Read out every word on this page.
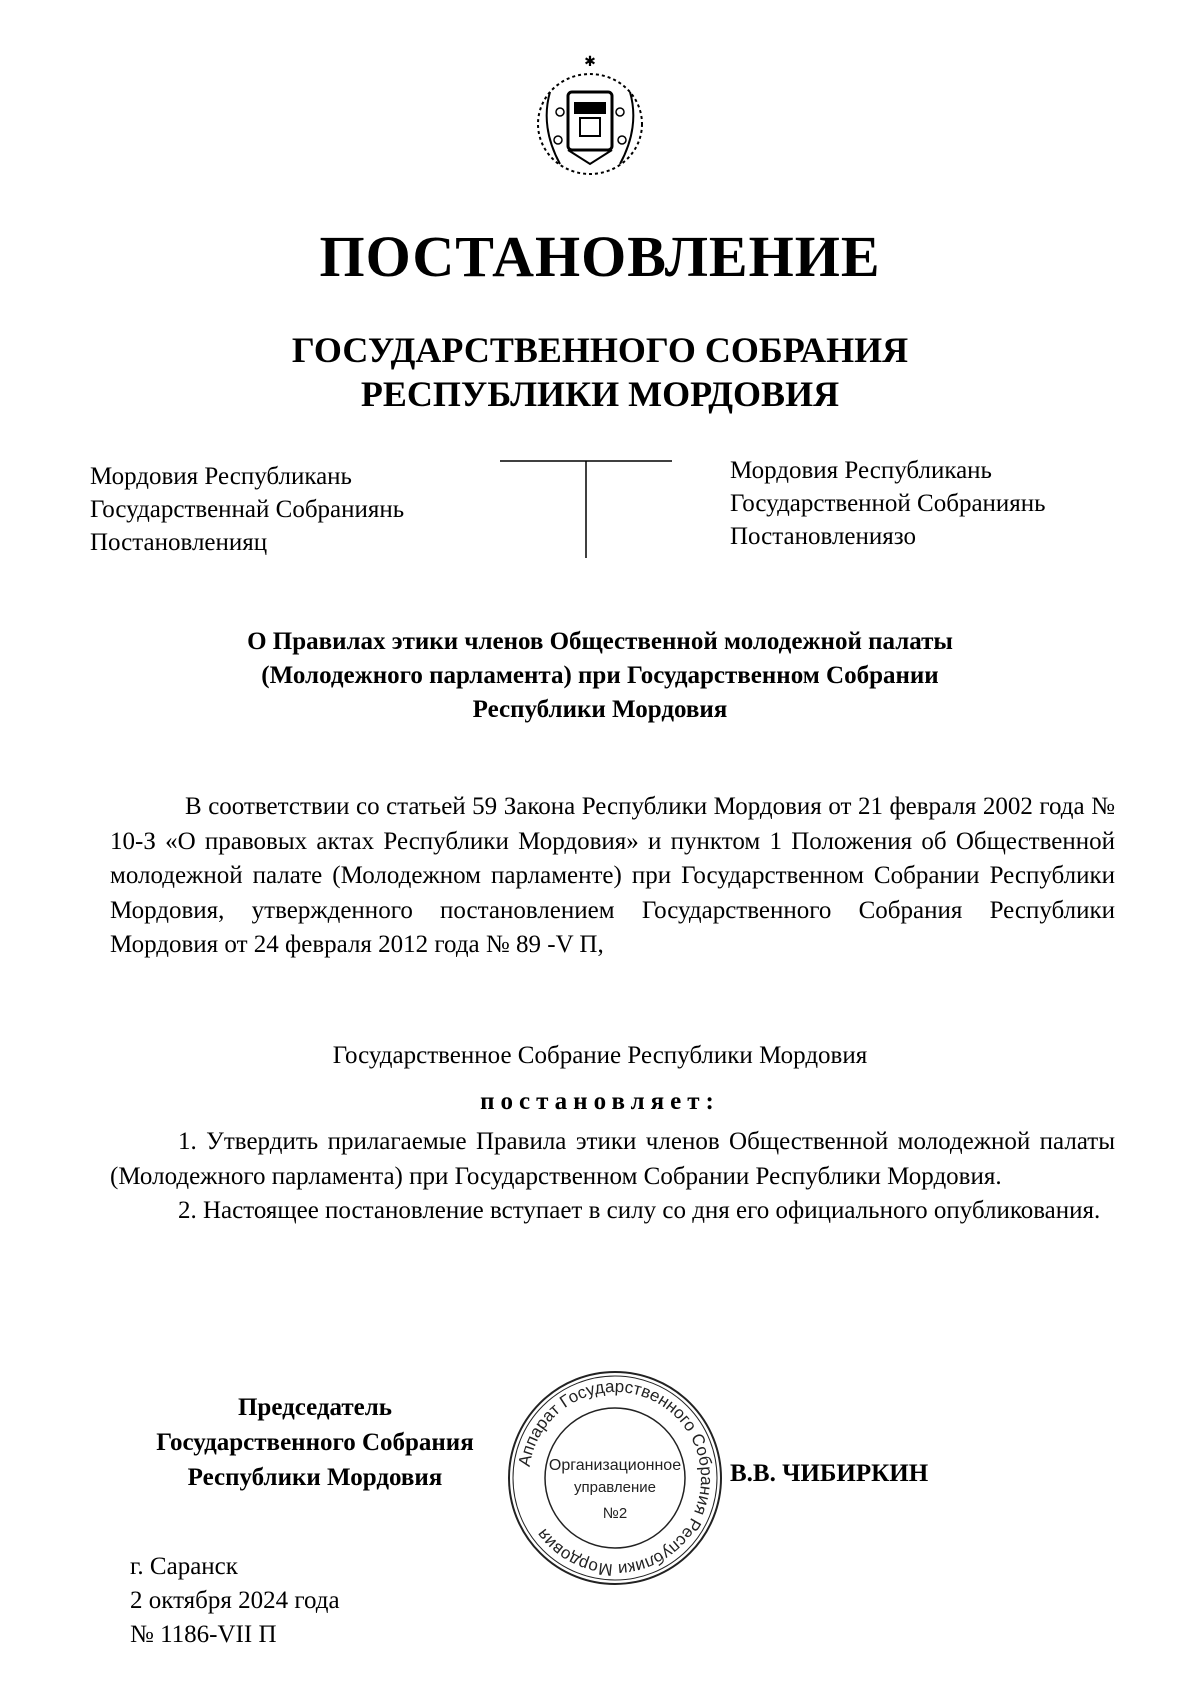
✱
ПОСТАНОВЛЕНИЕ
ГОСУДАРСТВЕННОГО СОБРАНИЯ
РЕСПУБЛИКИ МОРДОВИЯ
Мордовия Республикань
Государственнай Собраниянь
Постановленияц
Мордовия Республикань
Государственной Собраниянь
Постановлениязо
О Правилах этики членов Общественной молодежной палаты
(Молодежного парламента) при Государственном Собрании
Республики Мордовия

В соответствии со статьей 59 Закона Республики Мордовия от 21 февраля 2002 года № 10-З «О правовых актах Республики Мордовия» и пунктом 1 Положения об Общественной молодежной палате (Молодежном парламенте) при Государственном Собрании Республики Мордовия, утвержденного постановлением Государственного Собрания Республики Мордовия от 24 февраля 2012 года № 89 -V П,

Государственное Собрание Республики Мордовия
постановляет:

1. Утвердить прилагаемые Правила этики членов Общественной молодежной палаты (Молодежного парламента) при Государственном Собрании Республики Мордовия.

2. Настоящее постановление вступает в силу со дня его официального опубликования.

Председатель
Государственного Собрания
Республики Мордовия
Аппарат Государственного Собрания Республики Мордовия
Организационное
управление
№2
В.В. ЧИБИРКИН
г. Саранск
2 октября 2024 года
№ 1186-VII П
